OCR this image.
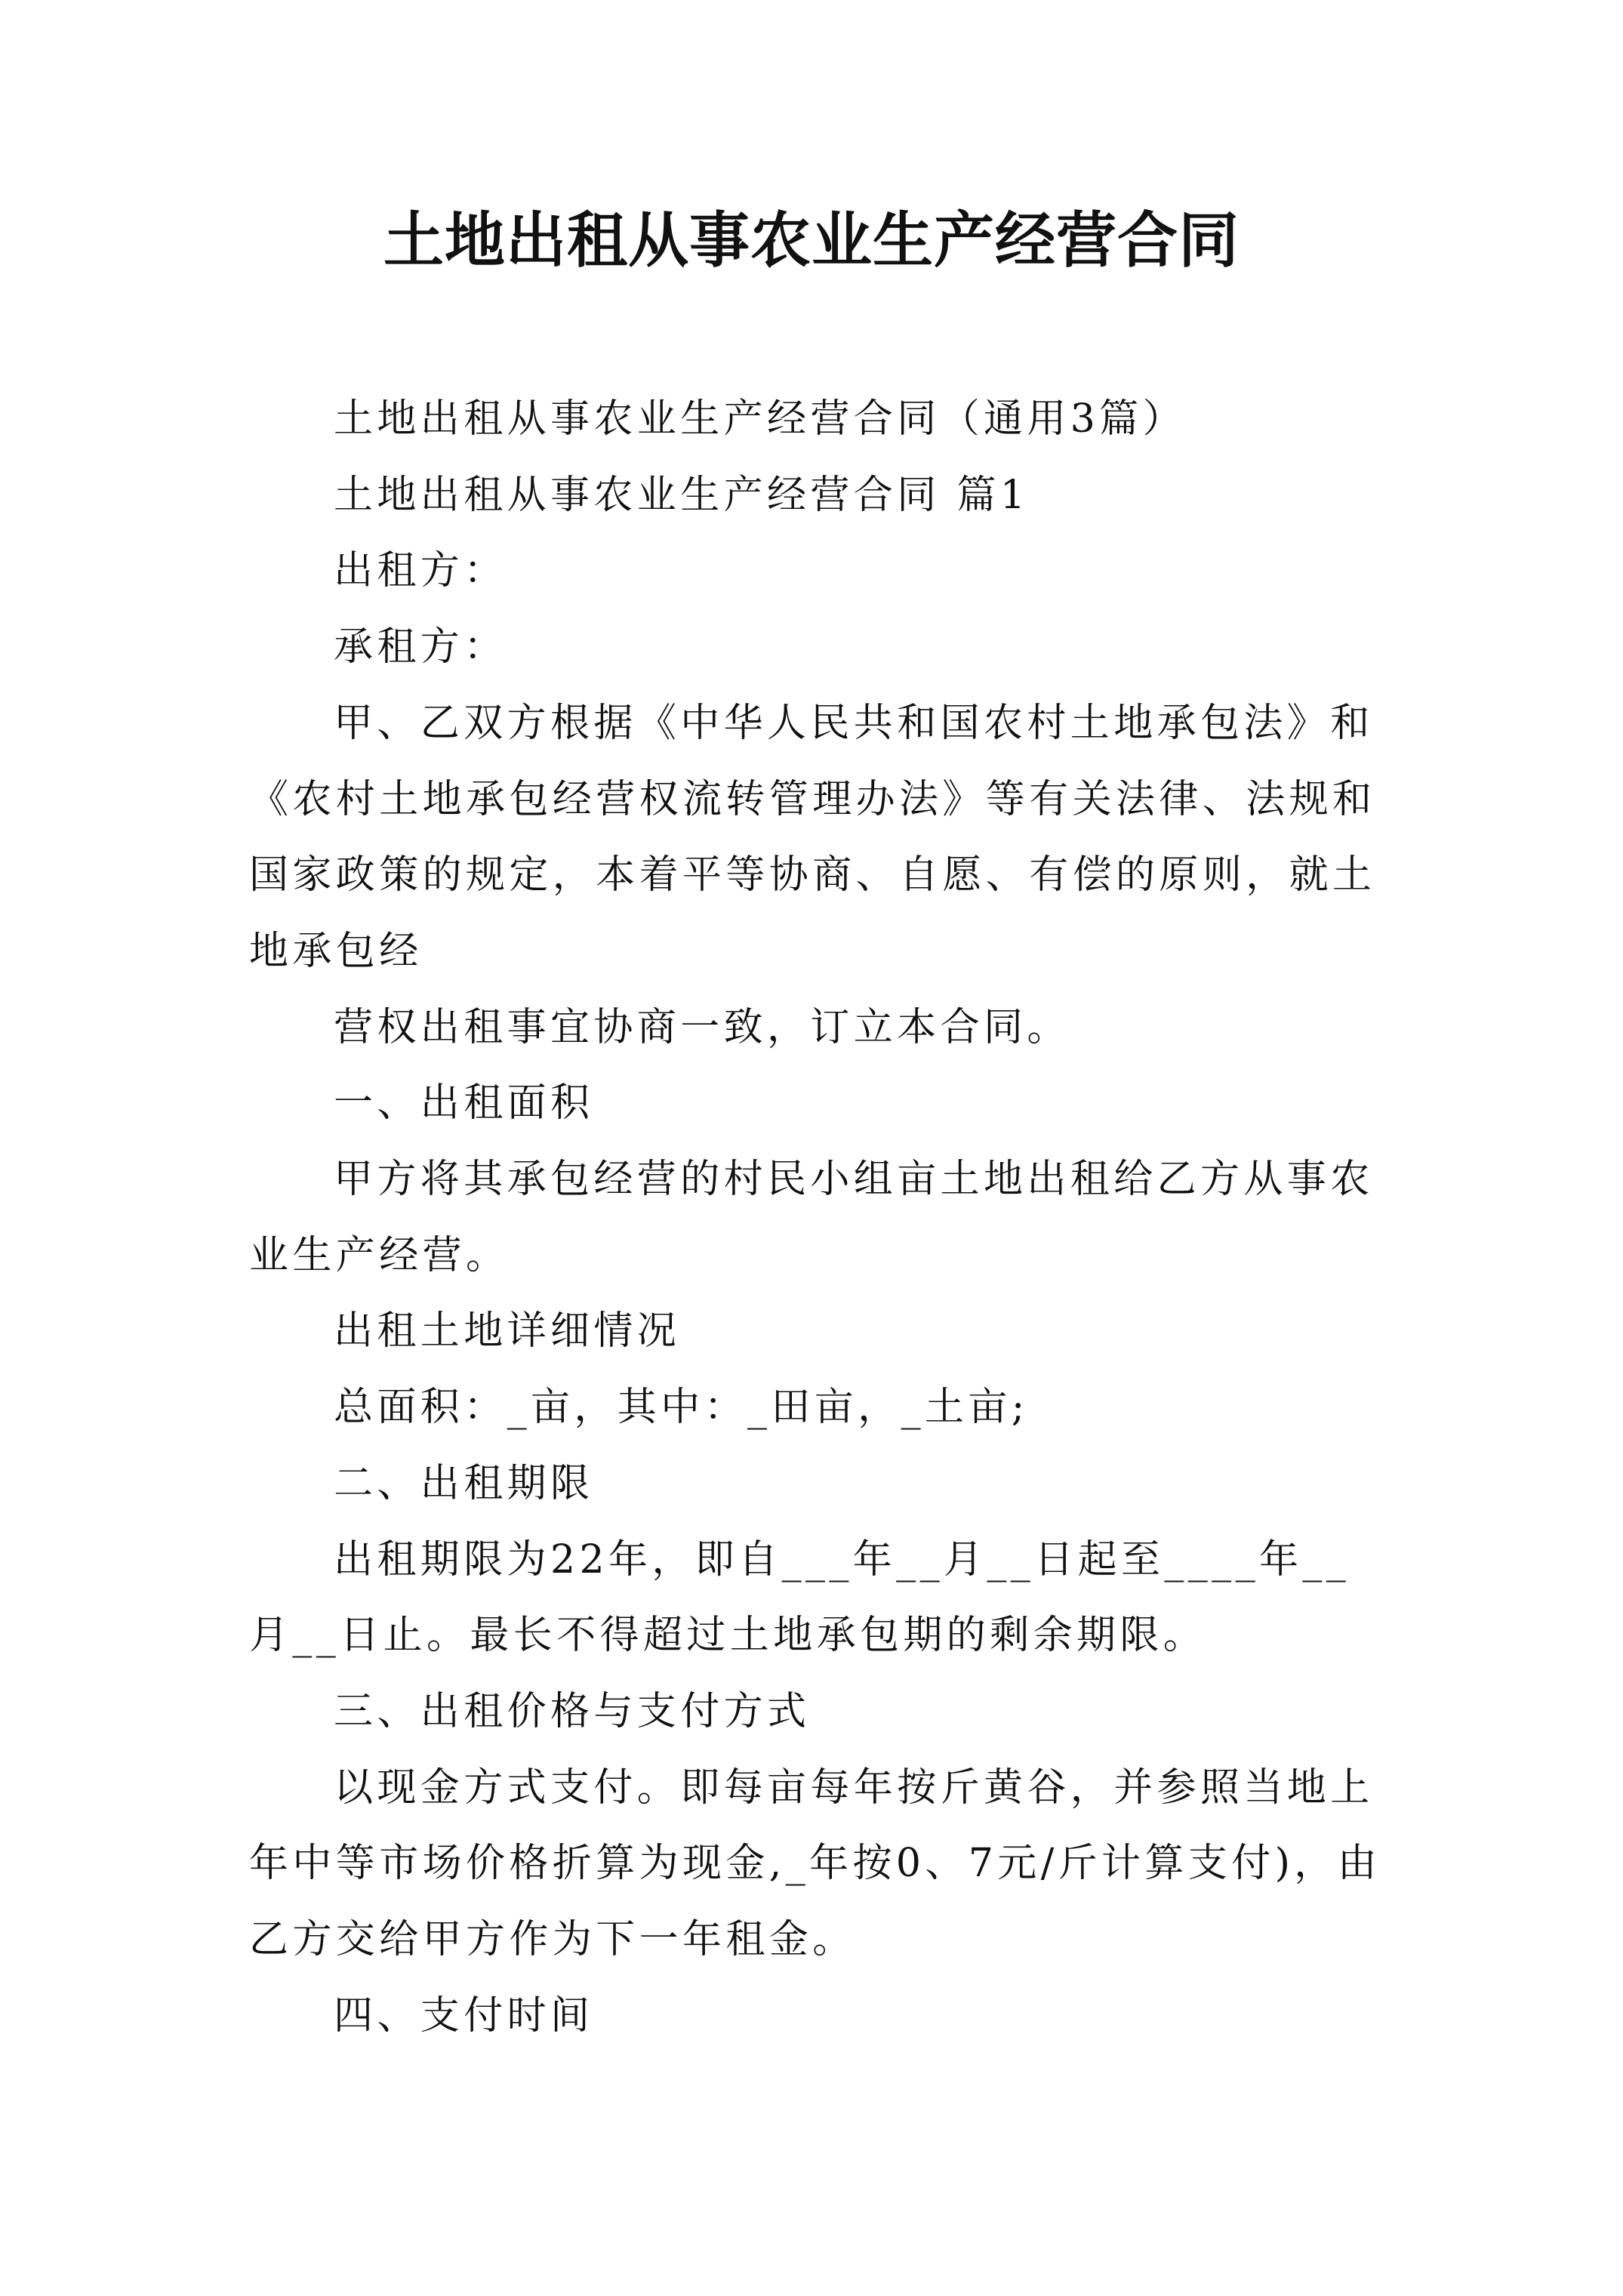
土地出租从事农业生产经营合同

土地出租从事农业生产经营合同（通用3篇）

土地出租从事农业生产经营合同 篇1

出租方：

承租方：

甲、乙双方根据《中华人民共和国农村土地承包法》和《农村土地承包经营权流转管理办法》等有关法律、法规和国家政策的规定，本着平等协商、自愿、有偿的原则，就土地承包经

营权出租事宜协商一致，订立本合同。

一、出租面积

甲方将其承包经营的村民小组亩土地出租给乙方从事农业生产经营。

出租土地详细情况

总面积：_亩，其中：_田亩，_土亩;

二、出租期限

出租期限为22年，即自___年__月__日起至____年__月__日止。最长不得超过土地承包期的剩余期限。

三、出租价格与支付方式

以现金方式支付。即每亩每年按斤黄谷，并参照当地上年中等市场价格折算为现金,_年按0、7元/斤计算支付)，由乙方交给甲方作为下一年租金。

四、支付时间
